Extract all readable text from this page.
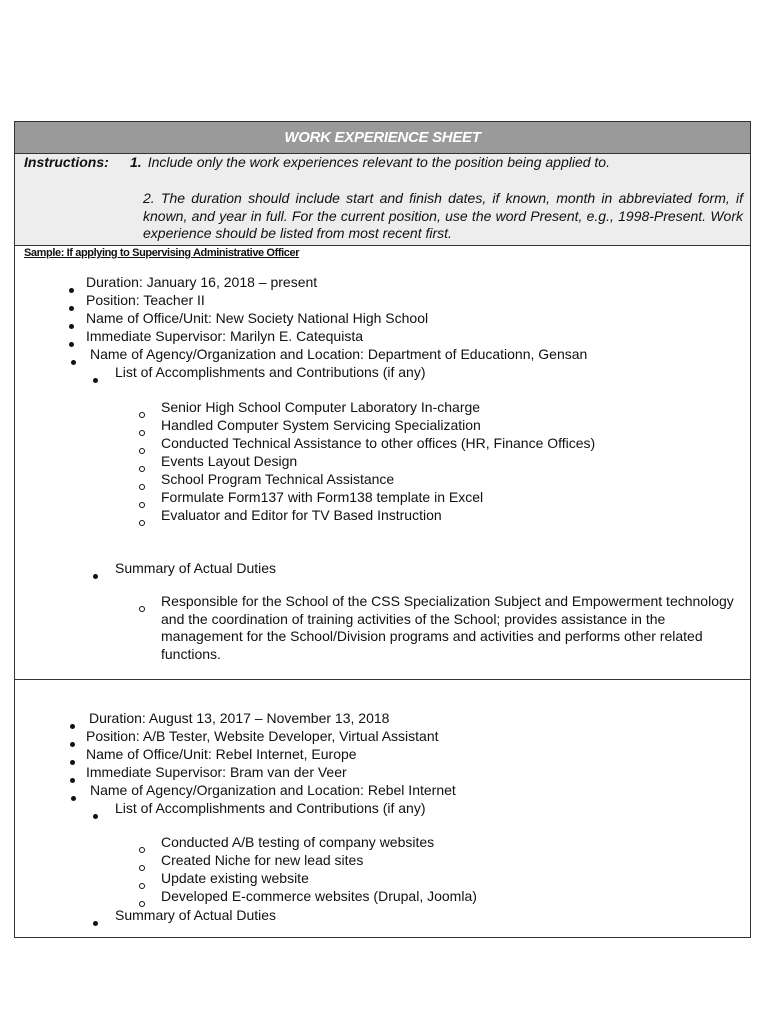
WORK EXPERIENCE SHEET
Instructions: 1. Include only the work experiences relevant to the position being applied to.
2. The duration should include start and finish dates, if known, month in abbreviated form, if known, and year in full. For the current position, use the word Present, e.g., 1998-Present. Work experience should be listed from most recent first.
Sample: If applying to Supervising Administrative Officer
Duration: January 16, 2018 – present
Position: Teacher II
Name of Office/Unit: New Society National High School
Immediate Supervisor: Marilyn E. Catequista
Name of Agency/Organization and Location: Department of Educationn, Gensan
List of Accomplishments and Contributions (if any)
Senior High School Computer Laboratory In-charge
Handled Computer System Servicing Specialization
Conducted Technical Assistance to other offices (HR, Finance Offices)
Events Layout Design
School Program Technical Assistance
Formulate Form137 with Form138 template in Excel
Evaluator and Editor for TV Based Instruction
Summary of Actual Duties
Responsible for the School of the CSS Specialization Subject and Empowerment technology and the coordination of training activities of the School; provides assistance in the management for the School/Division programs and activities and performs other related functions.
Duration: August 13, 2017 – November 13, 2018
Position: A/B Tester, Website Developer, Virtual Assistant
Name of Office/Unit: Rebel Internet, Europe
Immediate Supervisor: Bram van der Veer
Name of Agency/Organization and Location: Rebel Internet
List of Accomplishments and Contributions (if any)
Conducted A/B testing of company websites
Created Niche for new lead sites
Update existing website
Developed E-commerce websites (Drupal, Joomla)
Summary of Actual Duties
